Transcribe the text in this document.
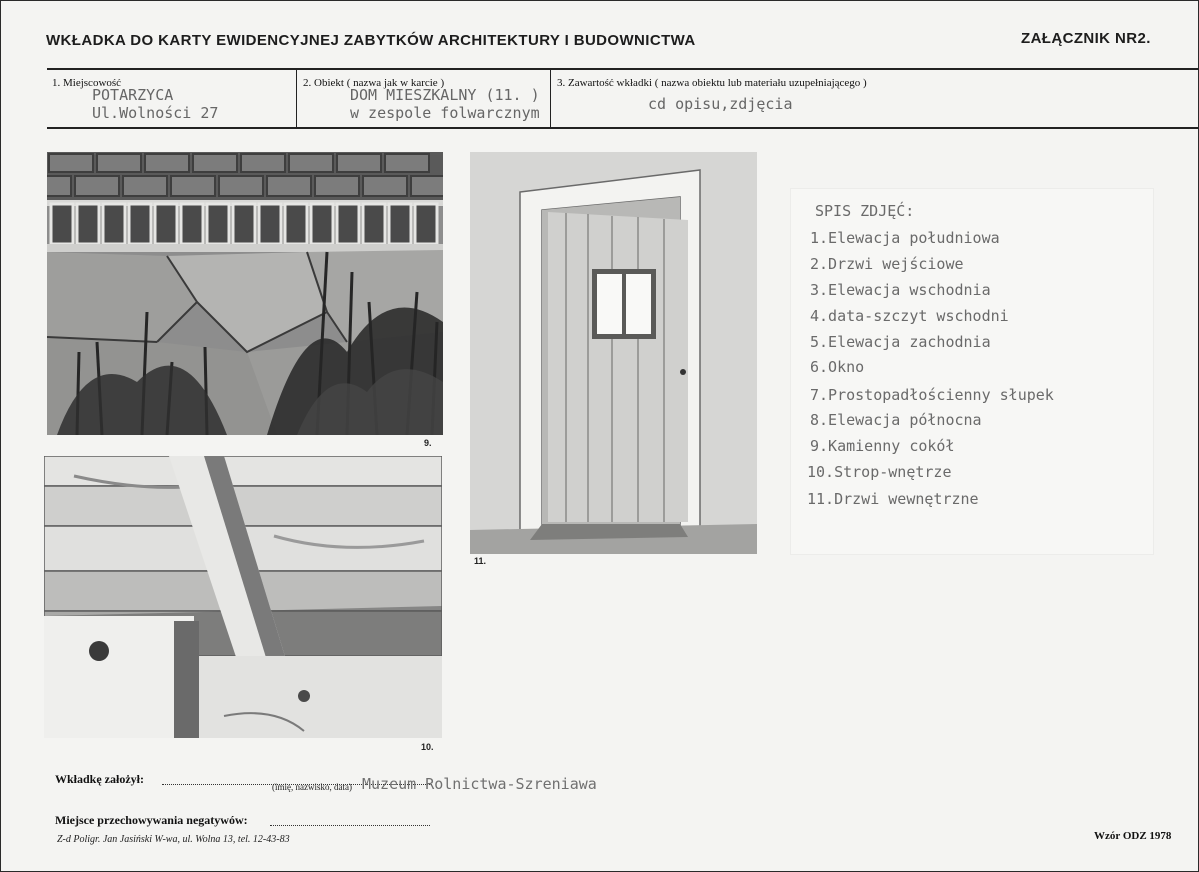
WKŁADKA DO KARTY EWIDENCYJNEJ ZABYTKÓW ARCHITEKTURY I BUDOWNICTWA	ZAŁĄCZNIK NR2.
1. Miejscowość
POTARZYCA
Ul.Wolności 27
2. Obiekt ( nazwa jak w karcie )
DOM MIESZKALNY (11. )
w zespole folwarcznym
3. Zawartość wkładki ( nazwa obiektu lub materiału uzupełniającego )
cd opisu,zdjęcia
9.
10.
11.
SPIS ZDJĘĆ:
1.Elewacja południowa
2.Drzwi wejściowe
3.Elewacja wschodnia
4.data-szczyt wschodni
5.Elewacja zachodnia
6.Okno
7.Prostopadłościenny słupek
8.Elewacja północna
9.Kamienny cokół
10.Strop-wnętrze
11.Drzwi wewnętrzne
Wkładkę założył:
(imię, nazwisko, data) Muzeum Rolnictwa-Szreniawa
Miejsce przechowywania negatywów:
Z-d Poligr. Jan Jasiński W-wa, ul. Wolna 13, tel. 12-43-83	Wzór ODZ 1978
